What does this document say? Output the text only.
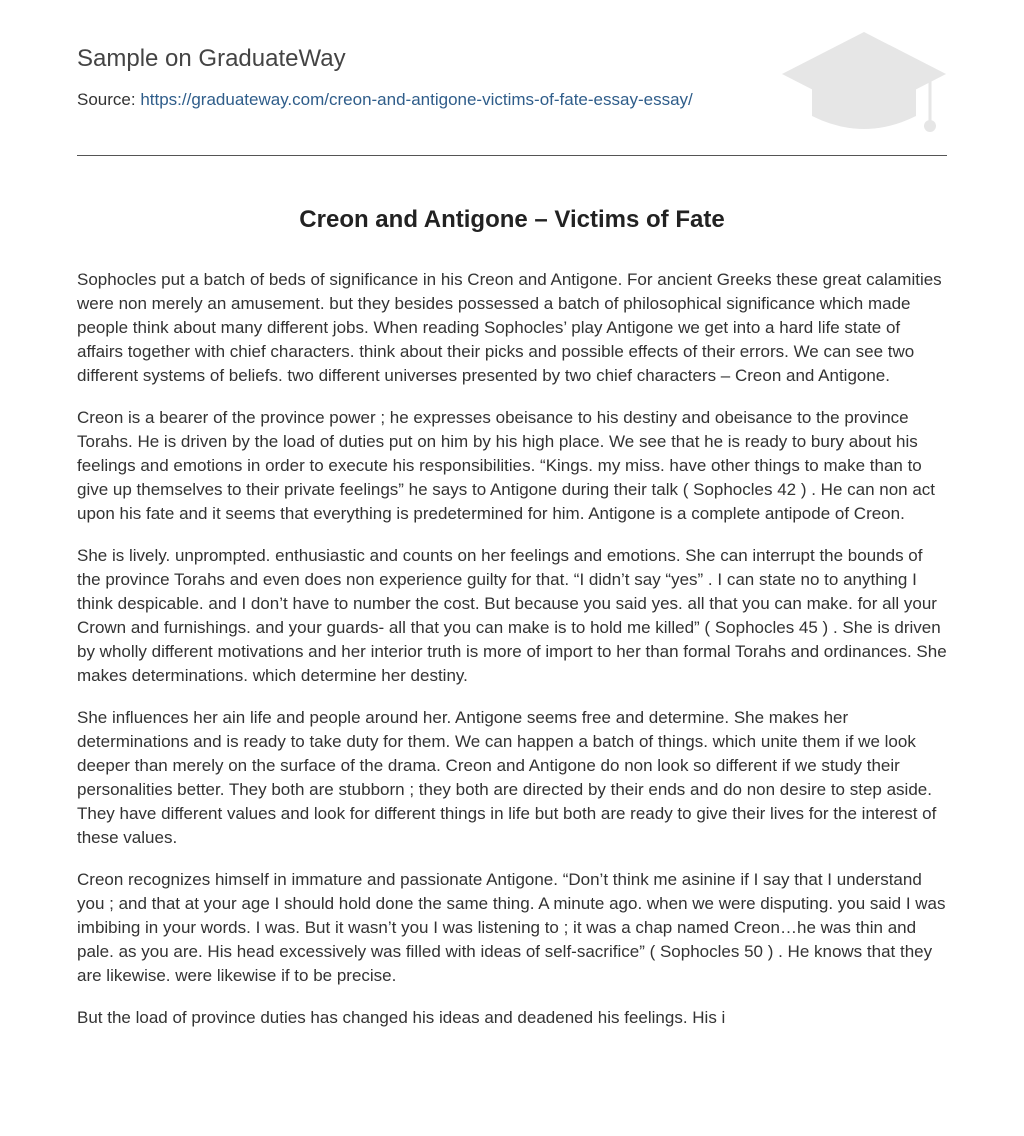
Sample on GraduateWay
Source: https://graduateway.com/creon-and-antigone-victims-of-fate-essay-essay/
Creon and Antigone – Victims of Fate

Sophocles put a batch of beds of significance in his Creon and Antigone. For ancient Greeks these great calamities were non merely an amusement. but they besides possessed a batch of philosophical significance which made people think about many different jobs. When reading Sophocles’ play Antigone we get into a hard life state of affairs together with chief characters. think about their picks and possible effects of their errors. We can see two different systems of beliefs. two different universes presented by two chief characters – Creon and Antigone.

Creon is a bearer of the province power ; he expresses obeisance to his destiny and obeisance to the province Torahs. He is driven by the load of duties put on him by his high place. We see that he is ready to bury about his feelings and emotions in order to execute his responsibilities. “Kings. my miss. have other things to make than to give up themselves to their private feelings” he says to Antigone during their talk ( Sophocles 42 ) . He can non act upon his fate and it seems that everything is predetermined for him. Antigone is a complete antipode of Creon.

She is lively. unprompted. enthusiastic and counts on her feelings and emotions. She can interrupt the bounds of the province Torahs and even does non experience guilty for that. “I didn’t say “yes” . I can state no to anything I think despicable. and I don’t have to number the cost. But because you said yes. all that you can make. for all your Crown and furnishings. and your guards- all that you can make is to hold me killed” ( Sophocles 45 ) . She is driven by wholly different motivations and her interior truth is more of import to her than formal Torahs and ordinances. She makes determinations. which determine her destiny.

She influences her ain life and people around her. Antigone seems free and determine. She makes her determinations and is ready to take duty for them. We can happen a batch of things. which unite them if we look deeper than merely on the surface of the drama. Creon and Antigone do non look so different if we study their personalities better. They both are stubborn ; they both are directed by their ends and do non desire to step aside. They have different values and look for different things in life but both are ready to give their lives for the interest of these values.

Creon recognizes himself in immature and passionate Antigone. “Don’t think me asinine if I say that I understand you ; and that at your age I should hold done the same thing. A minute ago. when we were disputing. you said I was imbibing in your words. I was. But it wasn’t you I was listening to ; it was a chap named Creon…he was thin and pale. as you are. His head excessively was filled with ideas of self-sacrifice” ( Sophocles 50 ) . He knows that they are likewise. were likewise if to be precise.

But the load of province duties has changed his ideas and deadened his feelings. His i
